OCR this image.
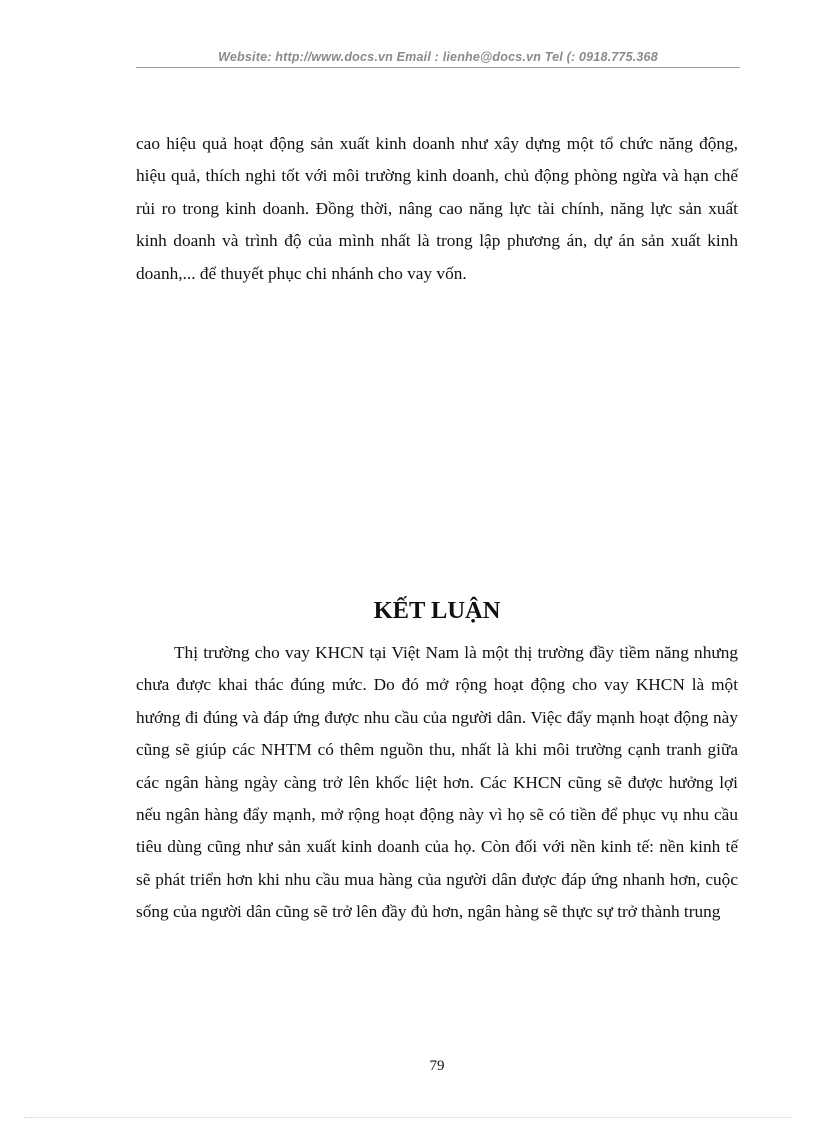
Website: http://www.docs.vn Email : lienhe@docs.vn Tel (: 0918.775.368

cao hiệu quả hoạt động sản xuất kinh doanh như xây dựng một tổ chức năng động, hiệu quả, thích nghi tốt với môi trường kinh doanh, chủ động phòng ngừa và hạn chế rủi ro trong kinh doanh. Đồng thời, nâng cao năng lực tài chính, năng lực sản xuất kinh doanh và trình độ của mình nhất là trong lập phương án, dự án sản xuất kinh doanh,... để thuyết phục chi nhánh cho vay vốn.

KẾT LUẬN

Thị trường cho vay KHCN tại Việt Nam là một thị trường đầy tiềm năng nhưng chưa được khai thác đúng mức. Do đó mở rộng hoạt động cho vay KHCN là một hướng đi đúng và đáp ứng được nhu cầu của người dân. Việc đẩy mạnh hoạt động này cũng sẽ giúp các NHTM có thêm nguồn thu, nhất là khi môi trường cạnh tranh giữa các ngân hàng ngày càng trở lên khốc liệt hơn. Các KHCN cũng sẽ được hưởng lợi nếu ngân hàng đẩy mạnh, mở rộng hoạt động này vì họ sẽ có tiền để phục vụ nhu cầu tiêu dùng cũng như sản xuất kinh doanh của họ. Còn đối với nền kinh tế: nền kinh tế sẽ phát triển hơn khi nhu cầu mua hàng của người dân được đáp ứng nhanh hơn, cuộc sống của người dân cũng sẽ trở lên đầy đủ hơn, ngân hàng sẽ thực sự trở thành trung

79
